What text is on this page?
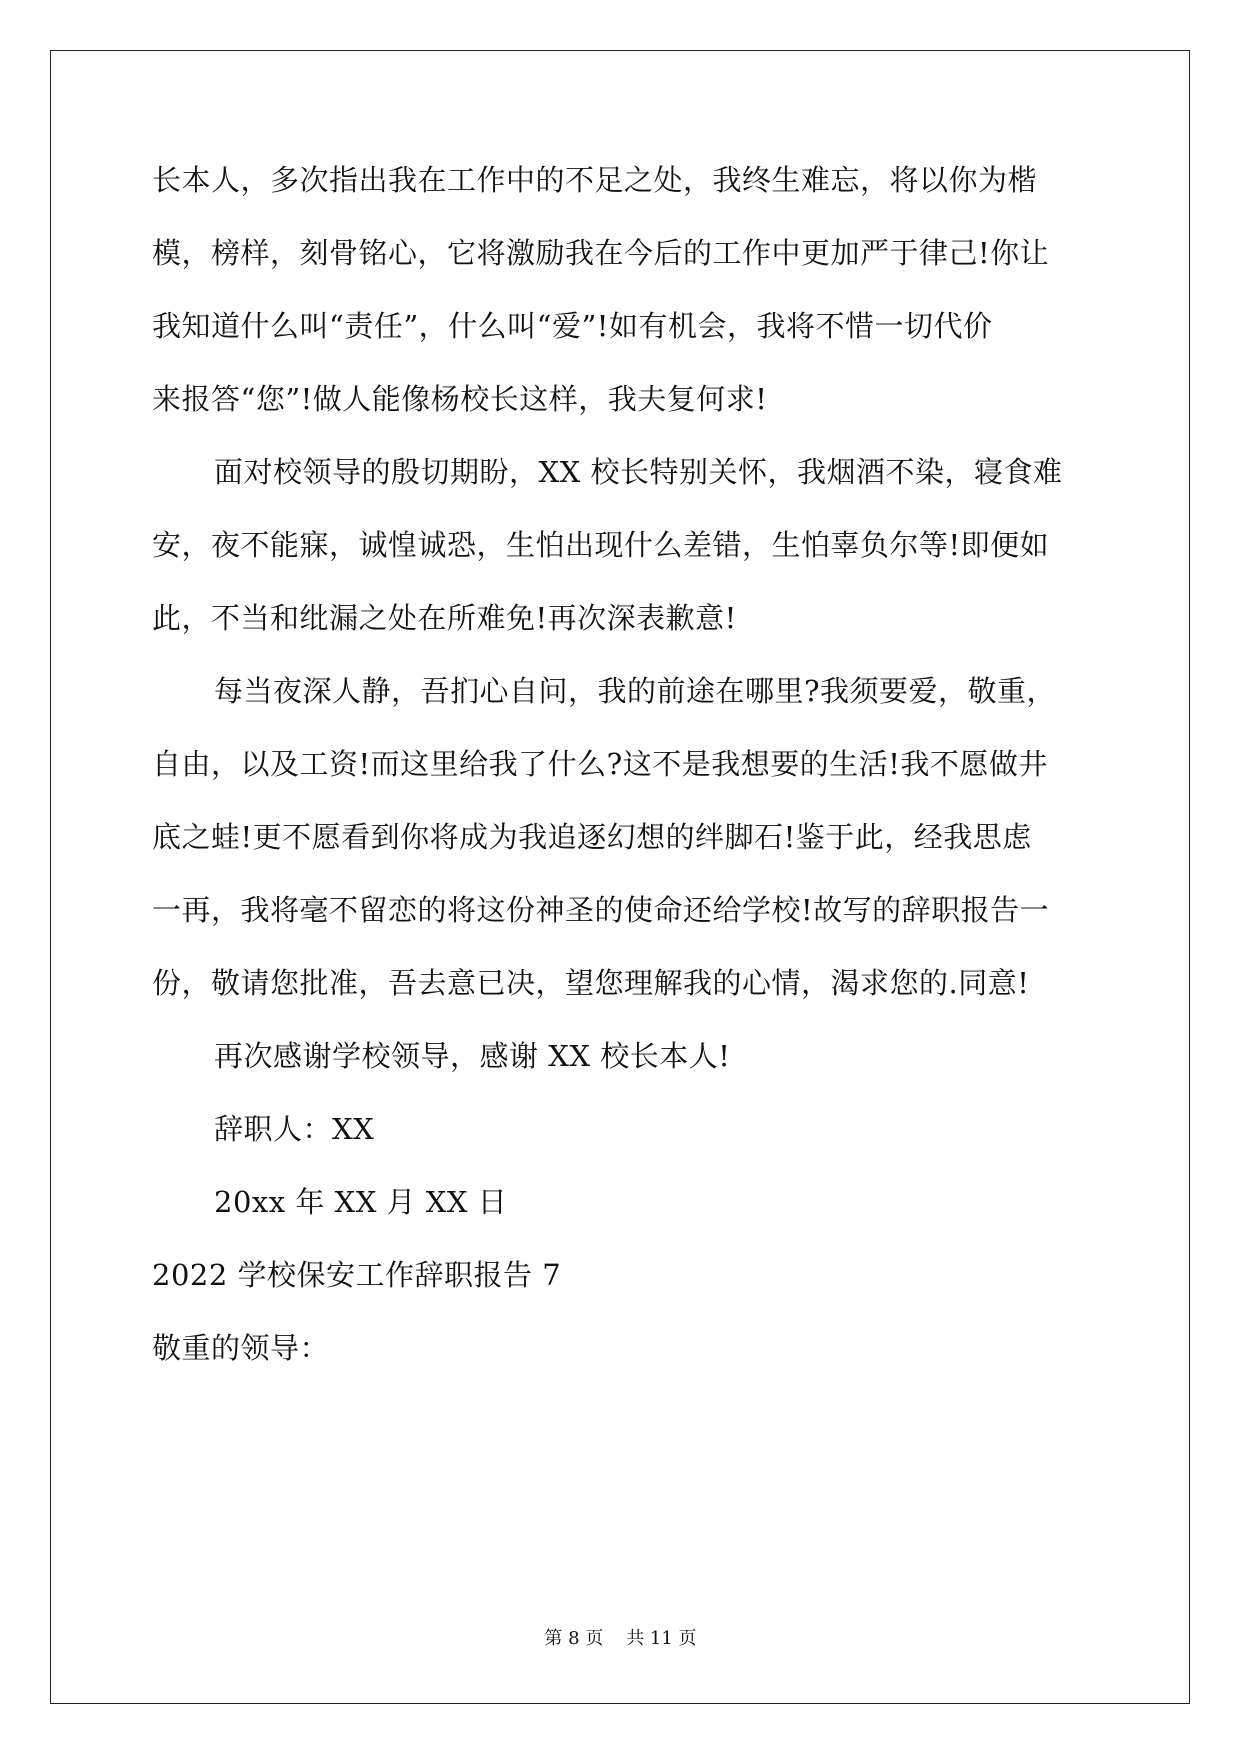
长本人，多次指出我在工作中的不足之处，我终生难忘，将以你为楷
模，榜样，刻骨铭心，它将激励我在今后的工作中更加严于律己!你让
我知道什么叫“责任”，什么叫“爱”!如有机会，我将不惜一切代价
来报答“您”!做人能像杨校长这样，我夫复何求!
面对校领导的殷切期盼，XX 校长特别关怀，我烟酒不染，寝食难
安，夜不能寐，诚惶诚恐，生怕出现什么差错，生怕辜负尔等!即便如
此，不当和纰漏之处在所难免!再次深表歉意!
每当夜深人静，吾扪心自问，我的前途在哪里?我须要爱，敬重，
自由，以及工资!而这里给我了什么?这不是我想要的生活!我不愿做井
底之蛙!更不愿看到你将成为我追逐幻想的绊脚石!鉴于此，经我思虑
一再，我将毫不留恋的将这份神圣的使命还给学校!故写的辞职报告一
份，敬请您批准，吾去意已决，望您理解我的心情，渴求您的.同意!
再次感谢学校领导，感谢 XX 校长本人!
辞职人：XX
20xx 年 XX 月 XX 日
2022 学校保安工作辞职报告 7
敬重的领导：
第 8 页    共 11 页
